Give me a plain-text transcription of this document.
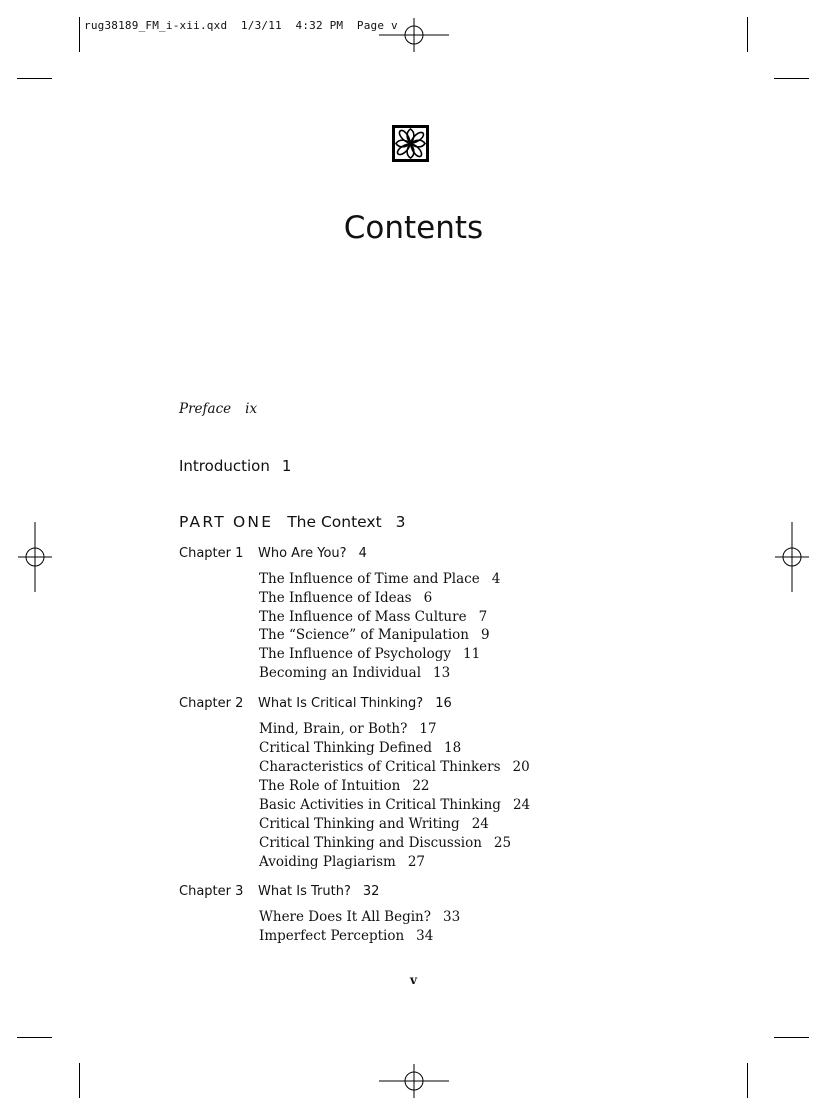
rug38189_FM_i-xii.qxd  1/3/11  4:32 PM  Page v
Contents
Preface ix
Introduction 1
PART ONE The Context 3
Chapter 1 Who Are You? 4
The Influence of Time and Place 4
The Influence of Ideas 6
The Influence of Mass Culture 7
The “Science” of Manipulation 9
The Influence of Psychology 11
Becoming an Individual 13
Chapter 2 What Is Critical Thinking? 16
Mind, Brain, or Both? 17
Critical Thinking Defined 18
Characteristics of Critical Thinkers 20
The Role of Intuition 22
Basic Activities in Critical Thinking 24
Critical Thinking and Writing 24
Critical Thinking and Discussion 25
Avoiding Plagiarism 27
Chapter 3 What Is Truth? 32
Where Does It All Begin? 33
Imperfect Perception 34
v
